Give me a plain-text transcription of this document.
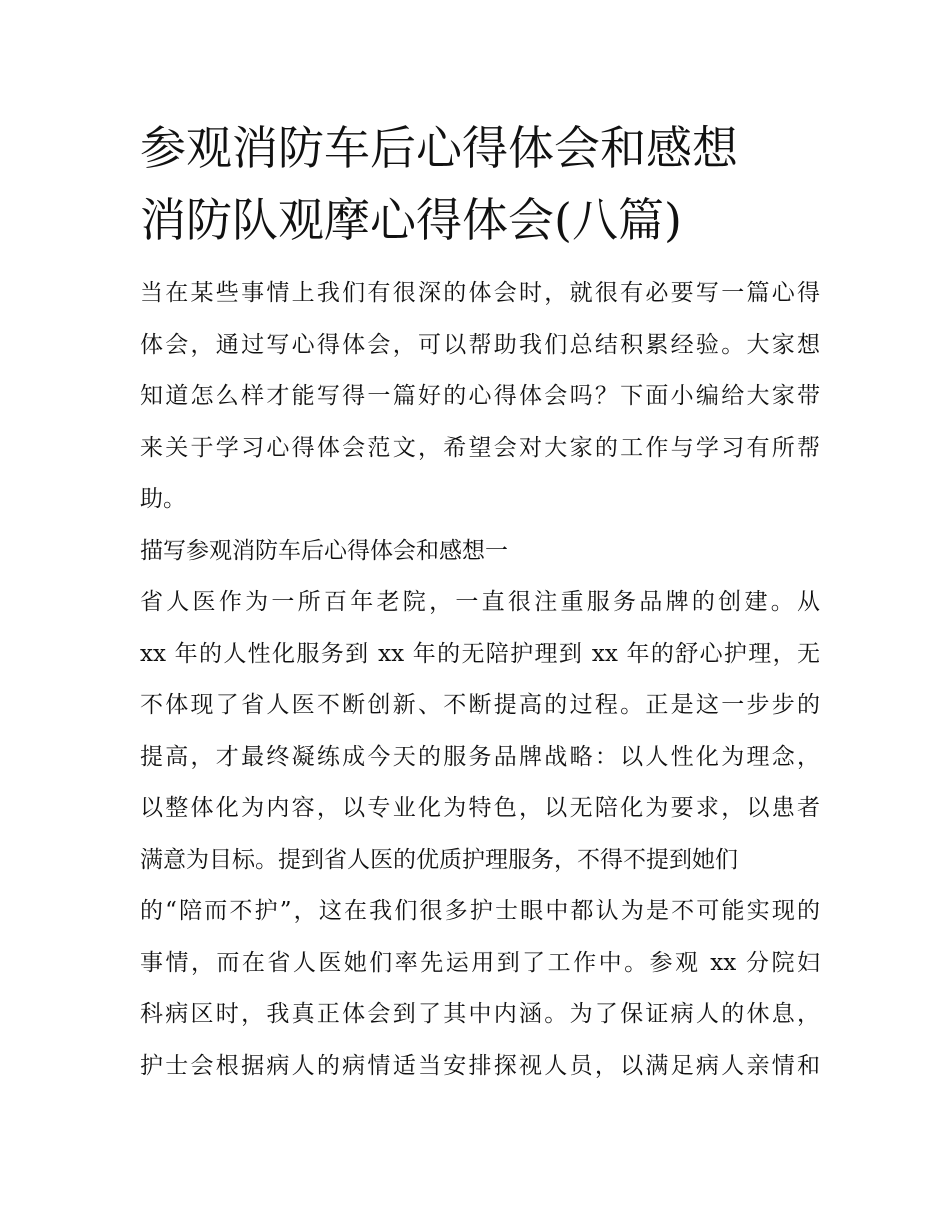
参观消防车后心得体会和感想
消防队观摩心得体会(八篇)
当在某些事情上我们有很深的体会时，就很有必要写一篇心得
体会，通过写心得体会，可以帮助我们总结积累经验。大家想
知道怎么样才能写得一篇好的心得体会吗？下面小编给大家带
来关于学习心得体会范文，希望会对大家的工作与学习有所帮
助。
描写参观消防车后心得体会和感想一
省人医作为一所百年老院，一直很注重服务品牌的创建。从
xx 年的人性化服务到 xx 年的无陪护理到 xx 年的舒心护理，无
不体现了省人医不断创新、不断提高的过程。正是这一步步的
提高，才最终凝练成今天的服务品牌战略：以人性化为理念，
以整体化为内容，以专业化为特色，以无陪化为要求，以患者
满意为目标。提到省人医的优质护理服务，不得不提到她们
的“陪而不护”，这在我们很多护士眼中都认为是不可能实现的
事情，而在省人医她们率先运用到了工作中。参观 xx 分院妇
科病区时，我真正体会到了其中内涵。为了保证病人的休息，
护士会根据病人的病情适当安排探视人员，以满足病人亲情和
